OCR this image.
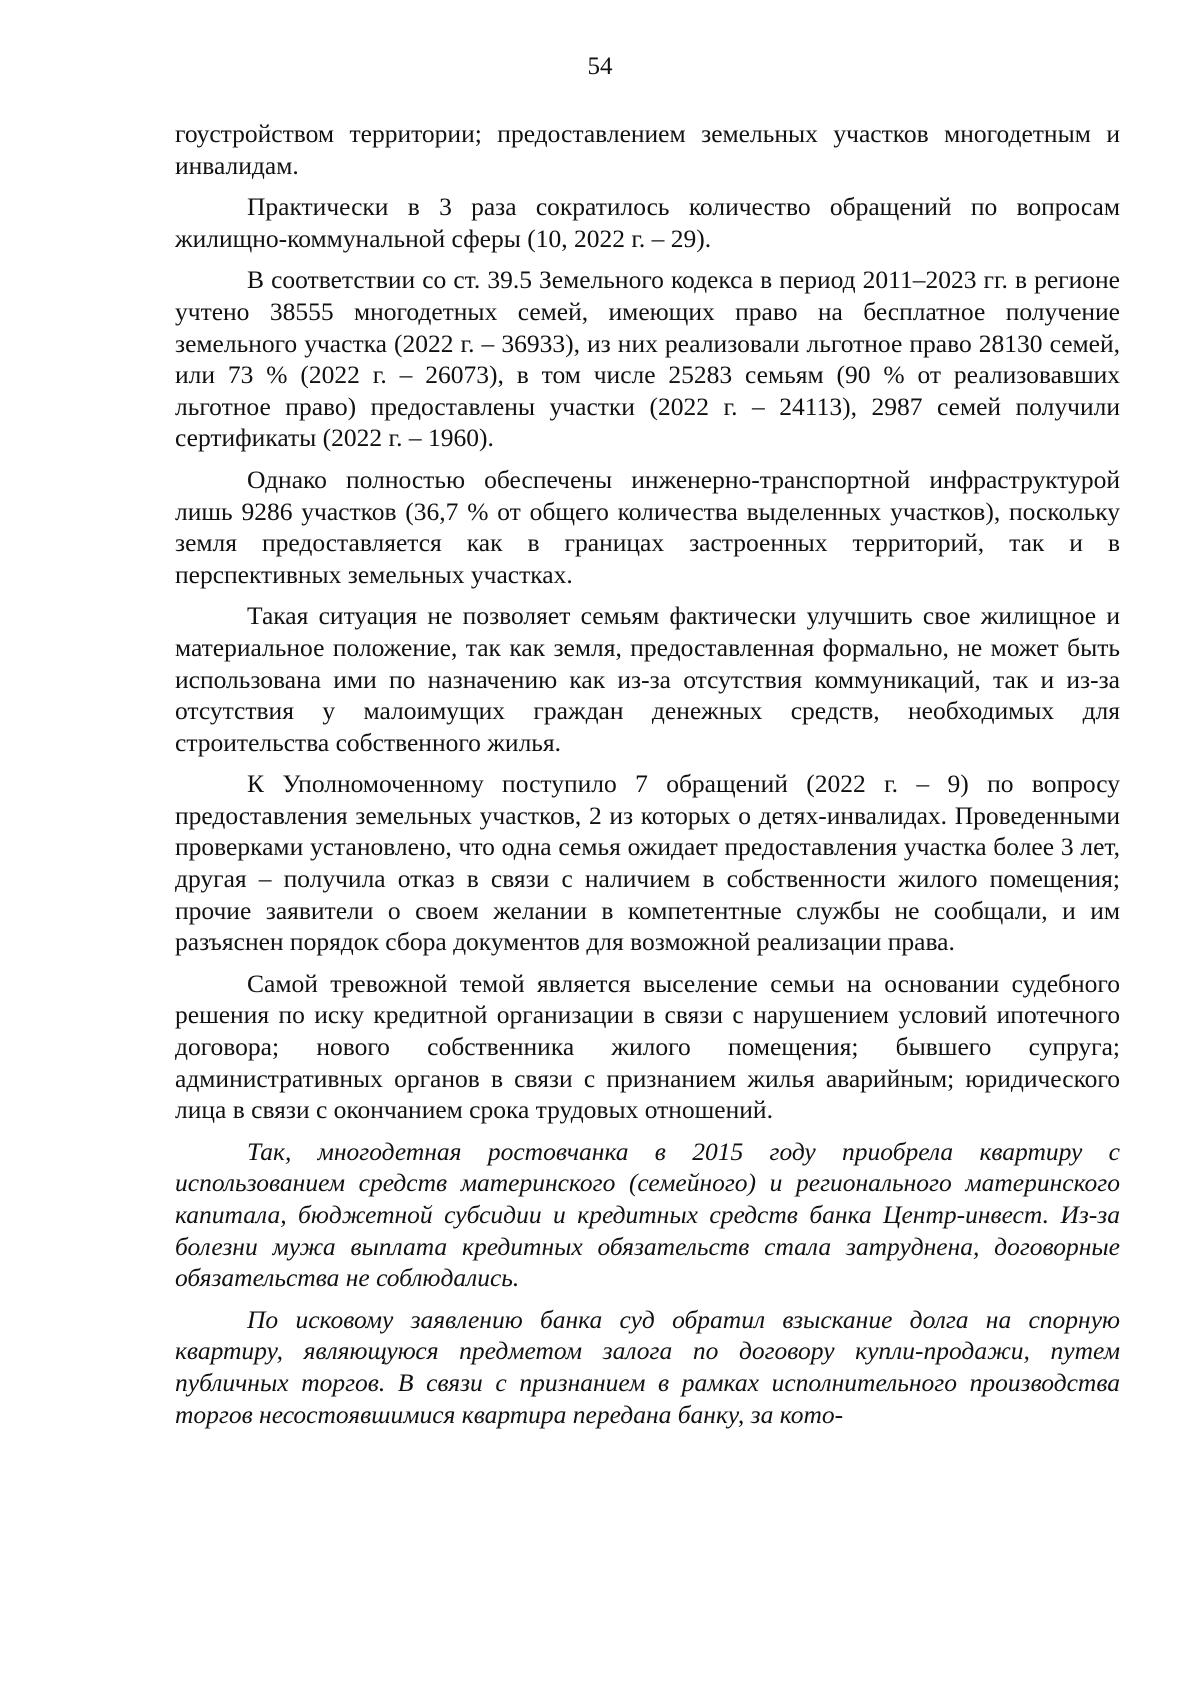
54

гоустройством территории; предоставлением земельных участков многодетным и инвалидам.

Практически в 3 раза сократилось количество обращений по вопросам жилищно-коммунальной сферы (10, 2022 г. – 29).

В соответствии со ст. 39.5 Земельного кодекса в период 2011–2023 гг. в регионе учтено 38555 многодетных семей, имеющих право на бесплатное получение земельного участка (2022 г. – 36933), из них реализовали льготное право 28130 семей, или 73 % (2022 г. – 26073), в том числе 25283 семьям (90 % от реализовавших льготное право) предоставлены участки (2022 г. – 24113), 2987 семей получили сертификаты (2022 г. – 1960).

Однако полностью обеспечены инженерно-транспортной инфраструктурой лишь 9286 участков (36,7 % от общего количества выделенных участков), поскольку земля предоставляется как в границах застроенных территорий, так и в перспективных земельных участках.

Такая ситуация не позволяет семьям фактически улучшить свое жилищное и материальное положение, так как земля, предоставленная формально, не может быть использована ими по назначению как из-за отсутствия коммуникаций, так и из-за отсутствия у малоимущих граждан денежных средств, необходимых для строительства собственного жилья.

К Уполномоченному поступило 7 обращений (2022 г. – 9) по вопросу предоставления земельных участков, 2 из которых о детях-инвалидах. Проведенными проверками установлено, что одна семья ожидает предоставления участка более 3 лет, другая – получила отказ в связи с наличием в собственности жилого помещения; прочие заявители о своем желании в компетентные службы не сообщали, и им разъяснен порядок сбора документов для возможной реализации права.

Самой тревожной темой является выселение семьи на основании судебного решения по иску кредитной организации в связи с нарушением условий ипотечного договора; нового собственника жилого помещения; бывшего супруга; административных органов в связи с признанием жилья аварийным; юридического лица в связи с окончанием срока трудовых отношений.

Так, многодетная ростовчанка в 2015 году приобрела квартиру с использованием средств материнского (семейного) и регионального материнского капитала, бюджетной субсидии и кредитных средств банка Центр-инвест. Из-за болезни мужа выплата кредитных обязательств стала затруднена, договорные обязательства не соблюдались.

По исковому заявлению банка суд обратил взыскание долга на спорную квартиру, являющуюся предметом залога по договору купли-продажи, путем публичных торгов. В связи с признанием в рамках исполнительного производства торгов несостоявшимися квартира передана банку, за кото-
